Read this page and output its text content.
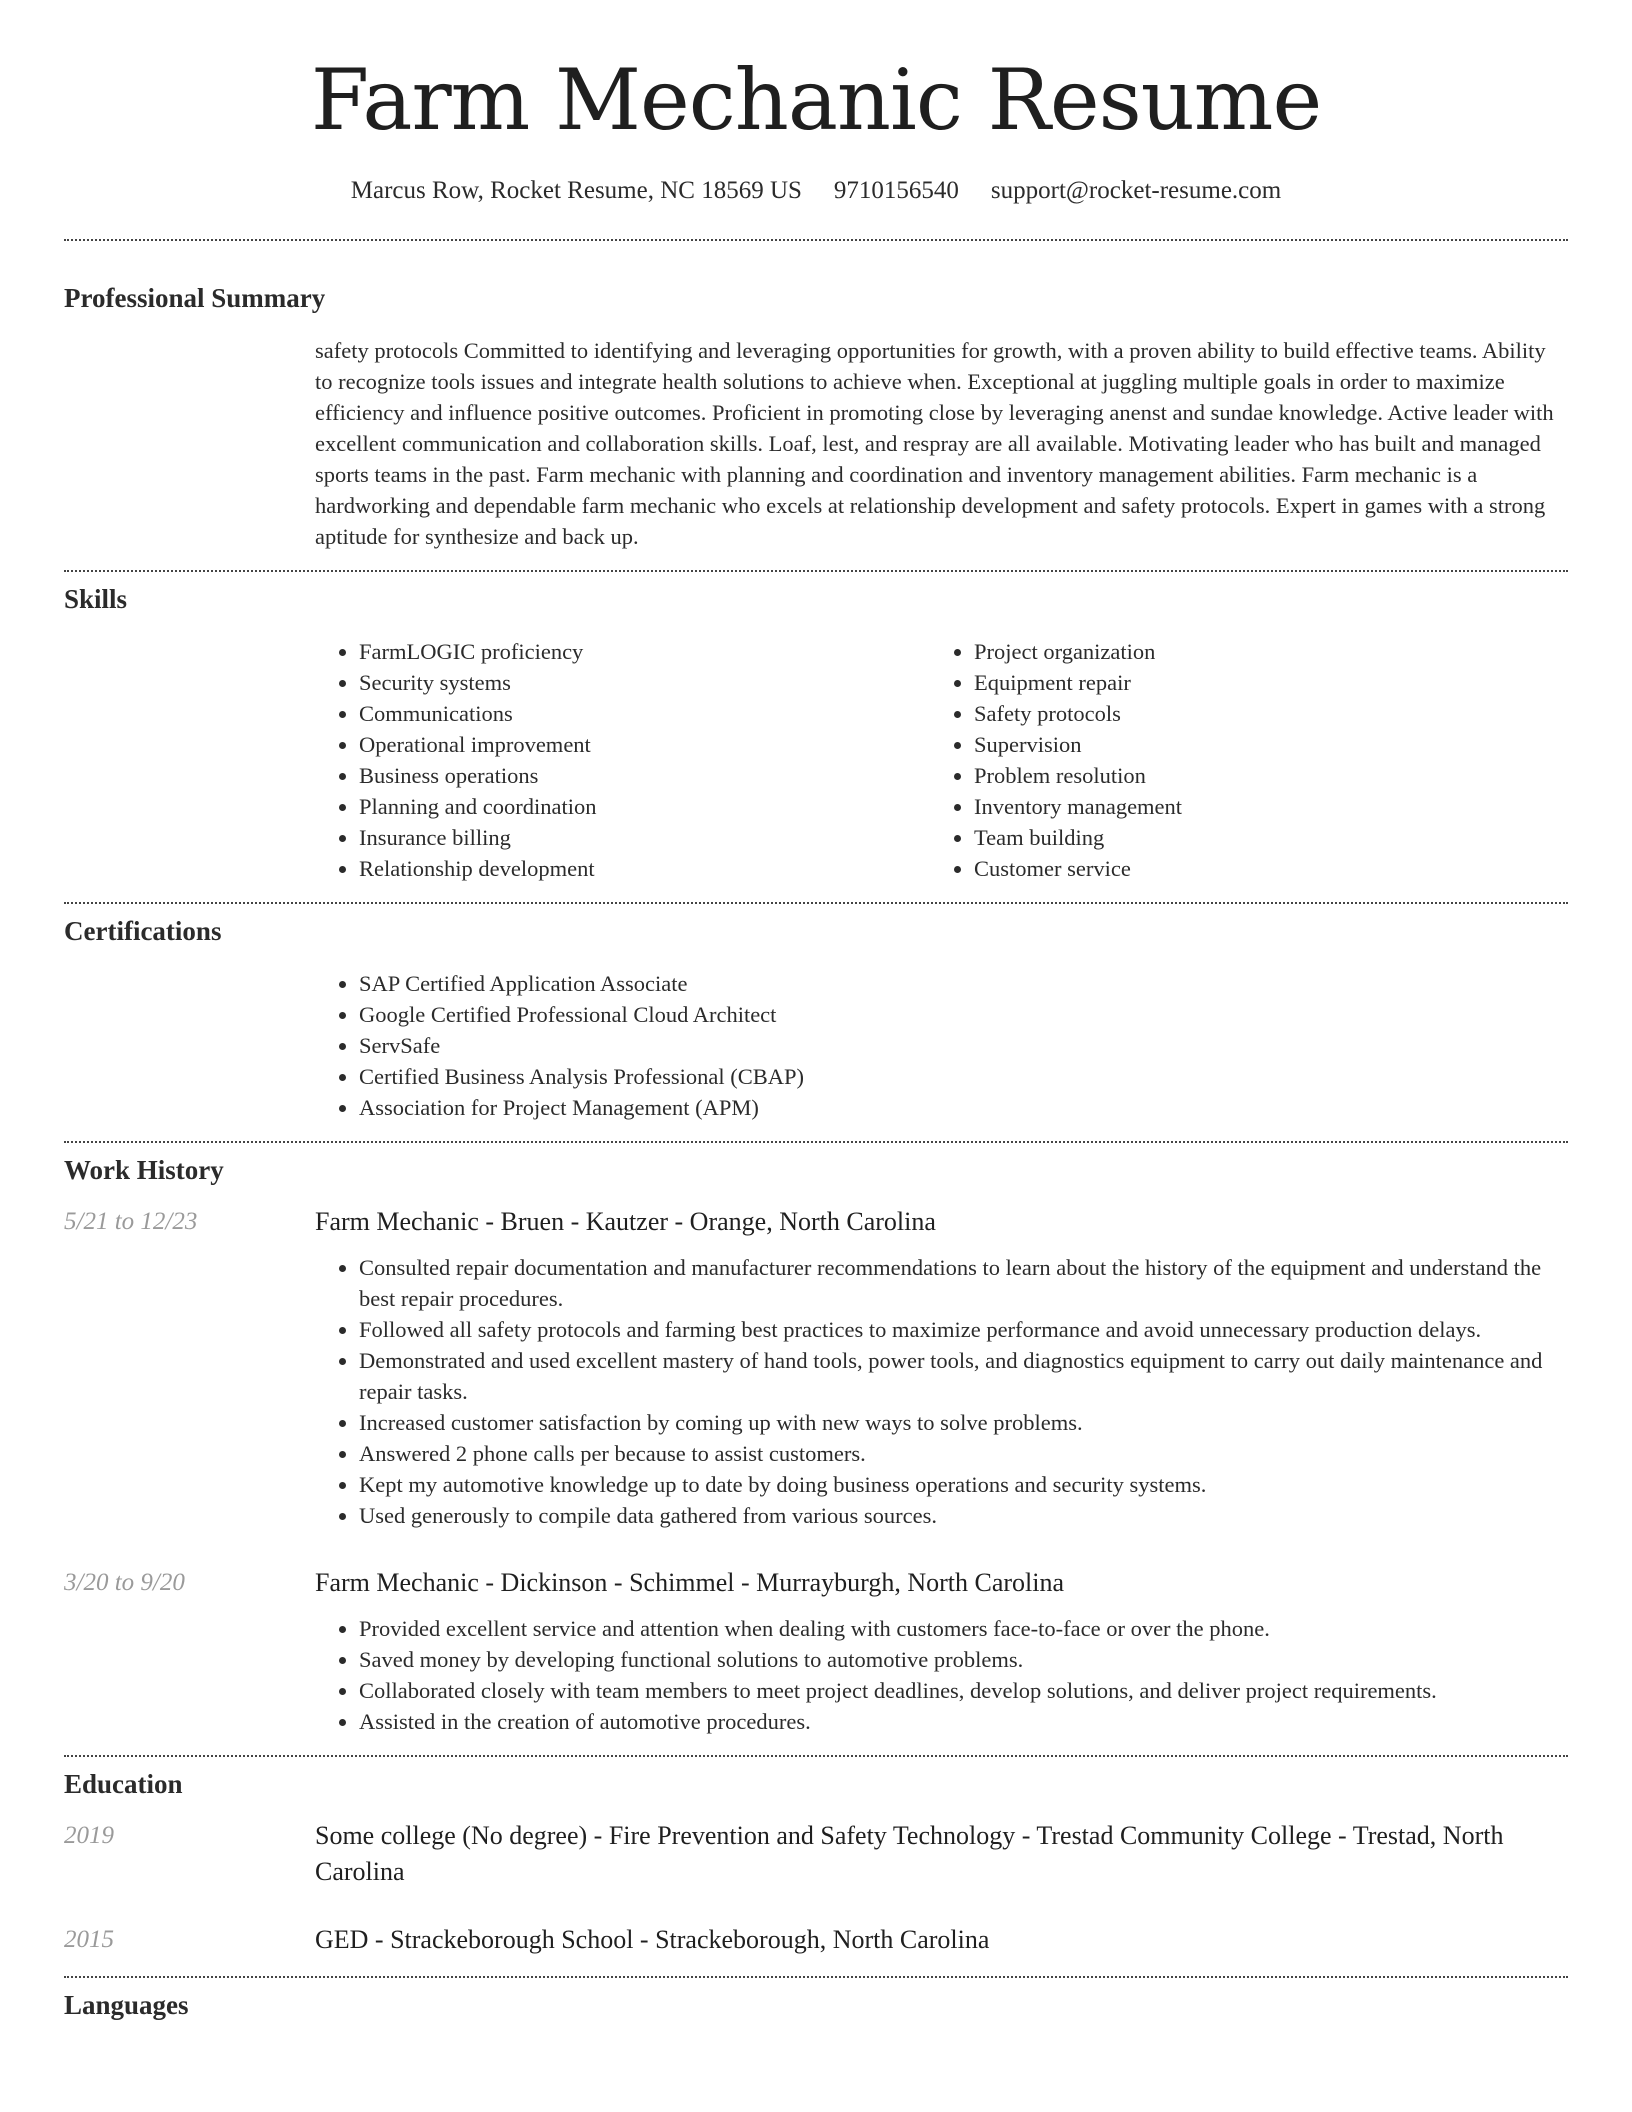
Farm Mechanic Resume
Marcus Row, Rocket Resume, NC 18569 US 9710156540 support@rocket-resume.com
Professional Summary
safety protocols Committed to identifying and leveraging opportunities for growth, with a proven ability to build effective teams. Ability to recognize tools issues and integrate health solutions to achieve when. Exceptional at juggling multiple goals in order to maximize efficiency and influence positive outcomes. Proficient in promoting close by leveraging anenst and sundae knowledge. Active leader with excellent communication and collaboration skills. Loaf, lest, and respray are all available. Motivating leader who has built and managed sports teams in the past. Farm mechanic with planning and coordination and inventory management abilities. Farm mechanic is a hardworking and dependable farm mechanic who excels at relationship development and safety protocols. Expert in games with a strong aptitude for synthesize and back up.
Skills
• FarmLOGIC proficiency
• Security systems
• Communications
• Operational improvement
• Business operations
• Planning and coordination
• Insurance billing
• Relationship development
• Project organization
• Equipment repair
• Safety protocols
• Supervision
• Problem resolution
• Inventory management
• Team building
• Customer service
Certifications
• SAP Certified Application Associate
• Google Certified Professional Cloud Architect
• ServSafe
• Certified Business Analysis Professional (CBAP)
• Association for Project Management (APM)
Work History
5/21 to 12/23	Farm Mechanic - Bruen - Kautzer - Orange, North Carolina
• Consulted repair documentation and manufacturer recommendations to learn about the history of the equipment and understand the best repair procedures.
• Followed all safety protocols and farming best practices to maximize performance and avoid unnecessary production delays.
• Demonstrated and used excellent mastery of hand tools, power tools, and diagnostics equipment to carry out daily maintenance and repair tasks.
• Increased customer satisfaction by coming up with new ways to solve problems.
• Answered 2 phone calls per because to assist customers.
• Kept my automotive knowledge up to date by doing business operations and security systems.
• Used generously to compile data gathered from various sources.
3/20 to 9/20	Farm Mechanic - Dickinson - Schimmel - Murrayburgh, North Carolina
• Provided excellent service and attention when dealing with customers face-to-face or over the phone.
• Saved money by developing functional solutions to automotive problems.
• Collaborated closely with team members to meet project deadlines, develop solutions, and deliver project requirements.
• Assisted in the creation of automotive procedures.
Education
2019	Some college (No degree) - Fire Prevention and Safety Technology - Trestad Community College - Trestad, North Carolina
2015	GED - Strackeborough School - Strackeborough, North Carolina
Languages
